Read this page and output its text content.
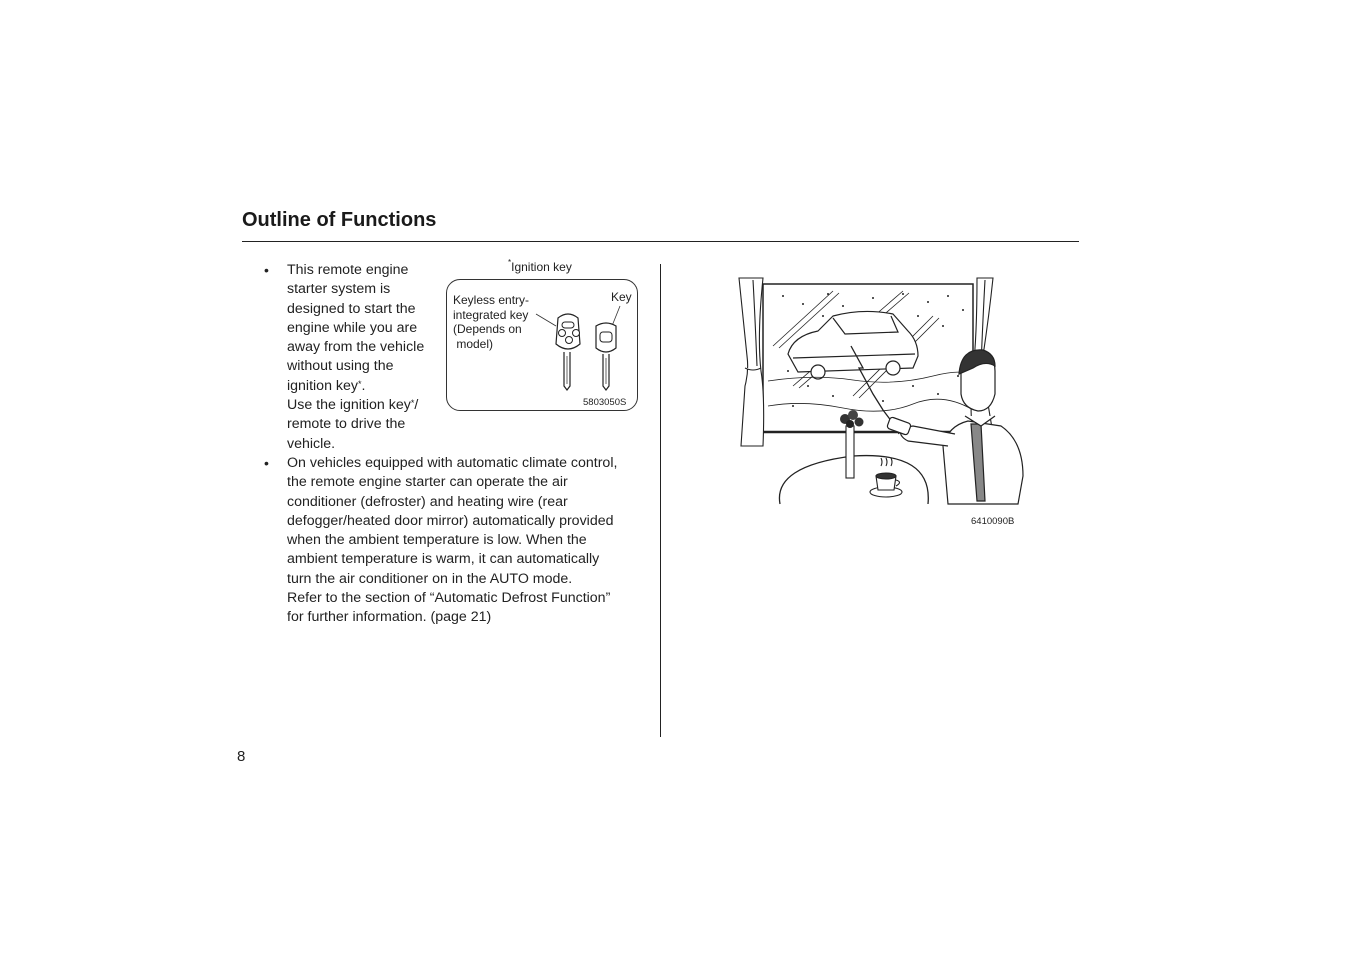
Outline of Functions
• This remote engine
starter system is
designed to start the
engine while you are
away from the vehicle
without using the
ignition key*.
Use the ignition key*/
remote to drive the
vehicle.
• On vehicles equipped with automatic climate control,
the remote engine starter can operate the air
conditioner (defroster) and heating wire (rear
defogger/heated door mirror) automatically provided
when the ambient temperature is low. When the
ambient temperature is warm, it can automatically
turn the air conditioner on in the AUTO mode.
Refer to the section of “Automatic Defrost Function”
for further information. (page 21)
*Ignition key
Keyless entry-
integrated key
(Depends on
model)
Key
5803050S
6410090B
8
